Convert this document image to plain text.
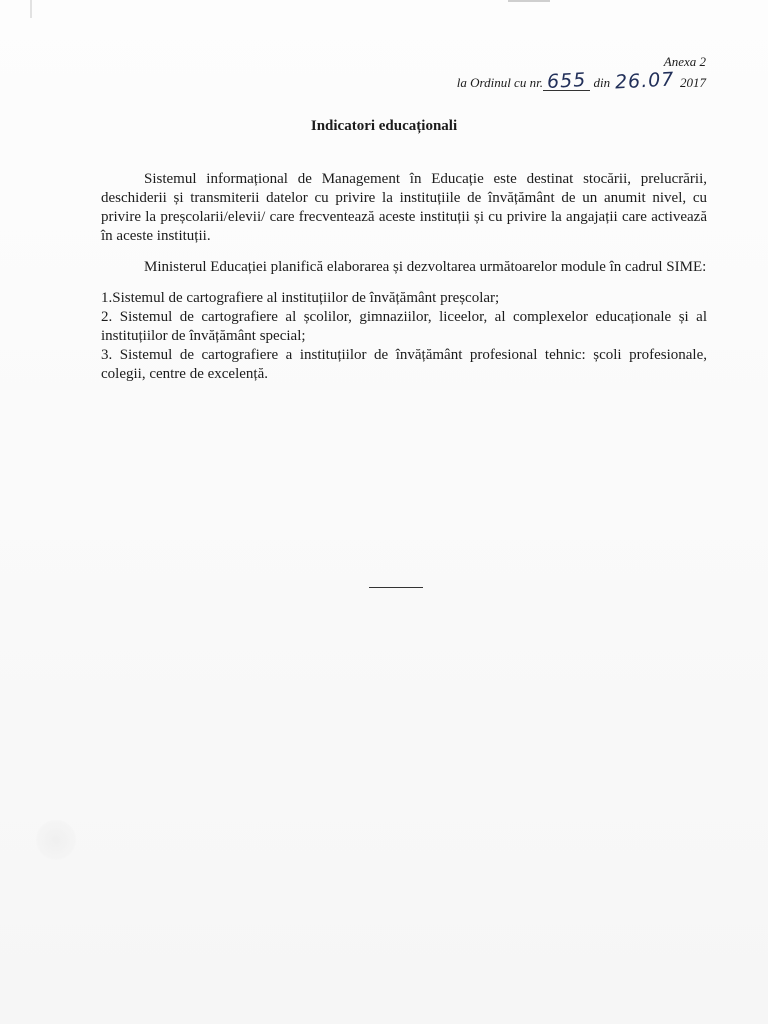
Anexa 2
la Ordinul cu nr. 655 din 26.07 2017
Indicatori educaționali

Sistemul informațional de Management în Educație este destinat stocării, prelucrării, deschiderii și transmiterii datelor cu privire la instituțiile de învățământ de un anumit nivel, cu privire la preșcolarii/elevii/ care frecventează aceste instituții și cu privire la angajații care activează în aceste instituții.

Ministerul Educației planifică elaborarea și dezvoltarea următoarelor module în cadrul SIME:

1.Sistemul de cartografiere al instituțiilor de învățământ preșcolar;
2. Sistemul de cartografiere al școlilor, gimnaziilor, liceelor, al complexelor educaționale și al instituțiilor de învățământ special;
3. Sistemul de cartografiere a instituțiilor de învățământ profesional tehnic: școli profesionale, colegii, centre de excelență.
